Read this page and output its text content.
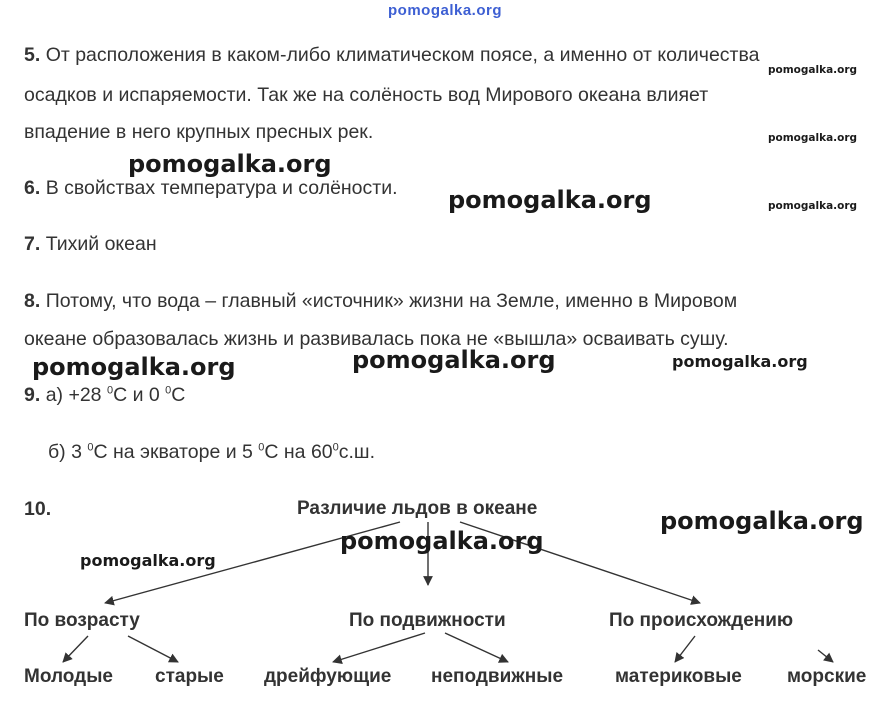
pomogalka.org
5. От расположения в каком-либо климатическом поясе, а именно от количества
осадков и испаряемости. Так же на солёность вод Мирового океана влияет
впадение в него крупных пресных рек.
6. В свойствах температура и солёности.
7. Тихий океан
8. Потому, что вода – главный «источник» жизни на Земле, именно в Мировом
океане образовалась жизнь и развивалась пока не «вышла» осваивать сушу.
9. а) +28 $^0$С и 0 $^0$С
б) 3 $^0$С на экваторе и 5 $^0$С на $60^0с.ш$.
10.	Различие льдов в океане
По возрасту	По подвижности	По происхождению
Молодые старые дрейфующие неподвижные	материковые морские
pomogalka.org
pomogalka.org
pomogalka.org
pomogalka.org
pomogalka.org
pomogalka.org	pomogalka.org	pomogalka.org
pomogalka.org
pomogalka.org
pomogalka.org
